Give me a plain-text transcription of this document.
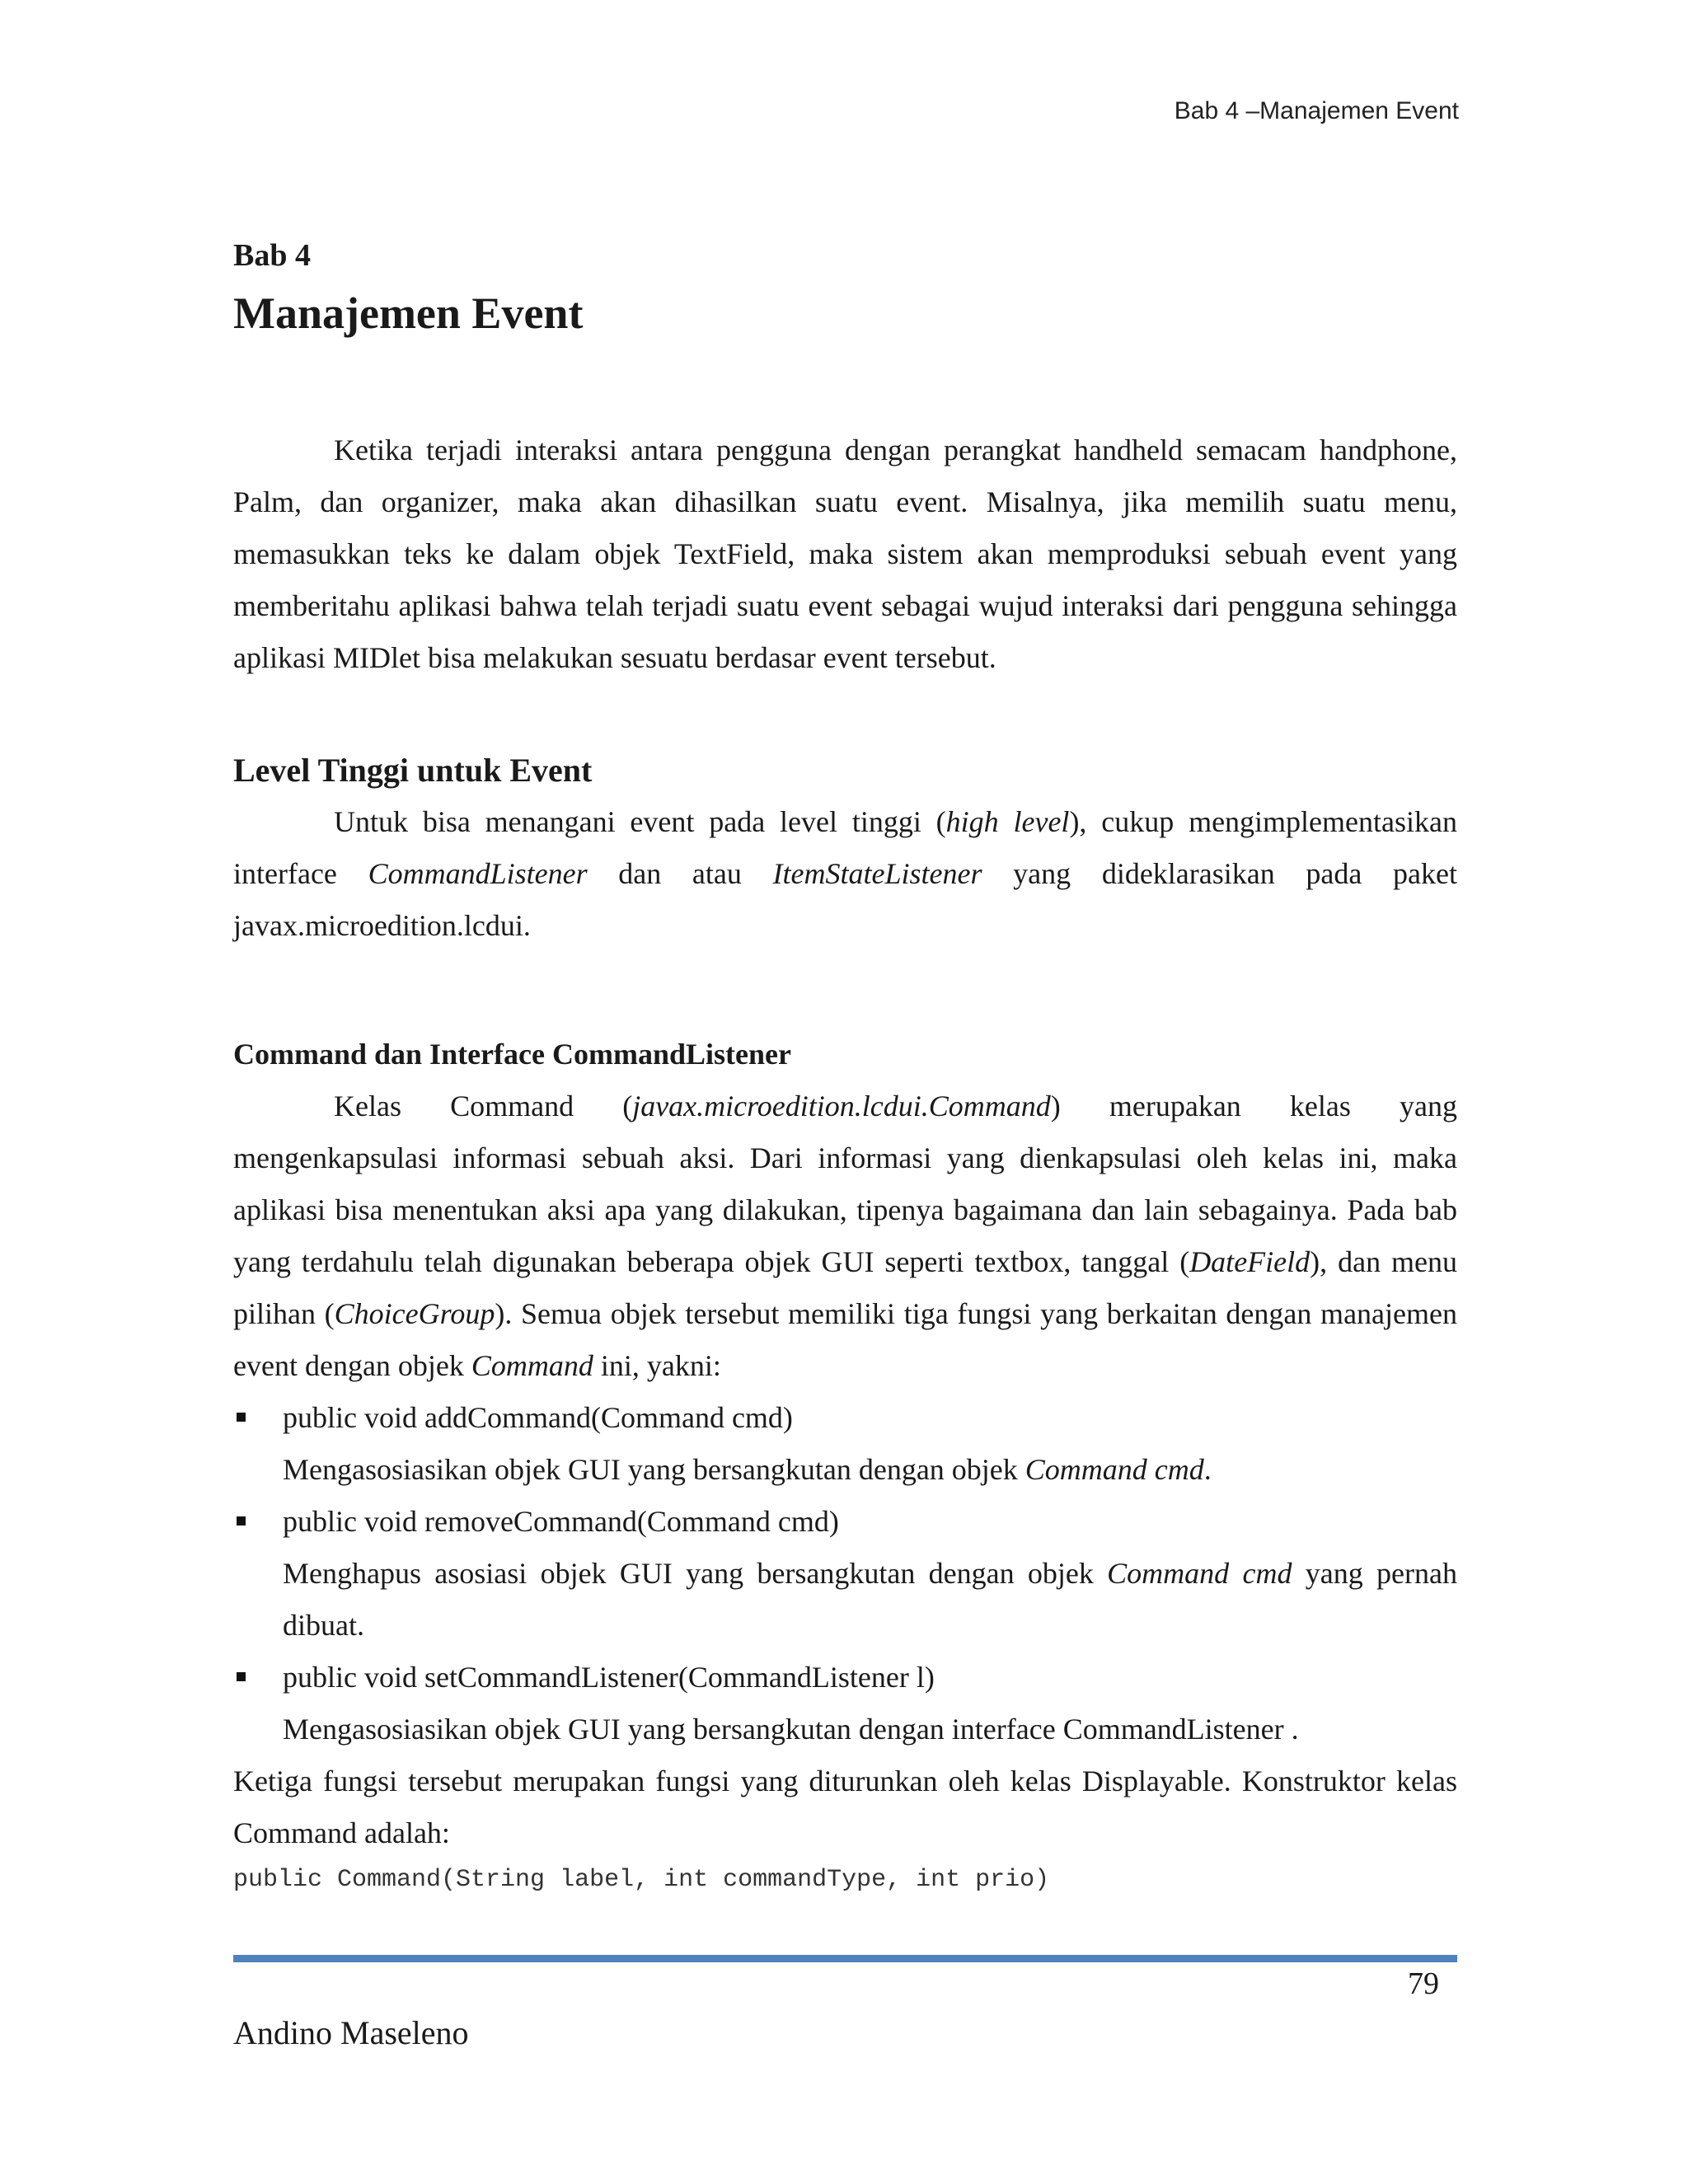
Bab 4 –Manajemen Event

Bab 4

Manajemen Event

Ketika terjadi interaksi antara pengguna dengan perangkat handheld semacam handphone, Palm, dan organizer, maka akan dihasilkan suatu event. Misalnya, jika memilih suatu menu, memasukkan teks ke dalam objek TextField, maka sistem akan memproduksi sebuah event yang memberitahu aplikasi bahwa telah terjadi suatu event sebagai wujud interaksi dari pengguna sehingga aplikasi MIDlet bisa melakukan sesuatu berdasar event tersebut.

Level Tinggi untuk Event

Untuk bisa menangani event pada level tinggi (high level), cukup mengimplementasikan interface CommandListener dan atau ItemStateListener yang dideklarasikan pada paket javax.microedition.lcdui.

Command dan Interface CommandListener

Kelas Command (javax.microedition.lcdui.Command) merupakan kelas yang mengenkapsulasi informasi sebuah aksi. Dari informasi yang dienkapsulasi oleh kelas ini, maka aplikasi bisa menentukan aksi apa yang dilakukan, tipenya bagaimana dan lain sebagainya. Pada bab yang terdahulu telah digunakan beberapa objek GUI seperti textbox, tanggal (DateField), dan menu pilihan (ChoiceGroup). Semua objek tersebut memiliki tiga fungsi yang berkaitan dengan manajemen event dengan objek Command ini, yakni:

public void addCommand(Command cmd)

Mengasosiasikan objek GUI yang bersangkutan dengan objek Command cmd.

public void removeCommand(Command cmd)

Menghapus asosiasi objek GUI yang bersangkutan dengan objek Command cmd yang pernah dibuat.

public void setCommandListener(CommandListener l)

Mengasosiasikan objek GUI yang bersangkutan dengan interface CommandListener .

Ketiga fungsi tersebut merupakan fungsi yang diturunkan oleh kelas Displayable. Konstruktor kelas Command adalah:

public Command(String label, int commandType, int prio)
79
Andino Maseleno
